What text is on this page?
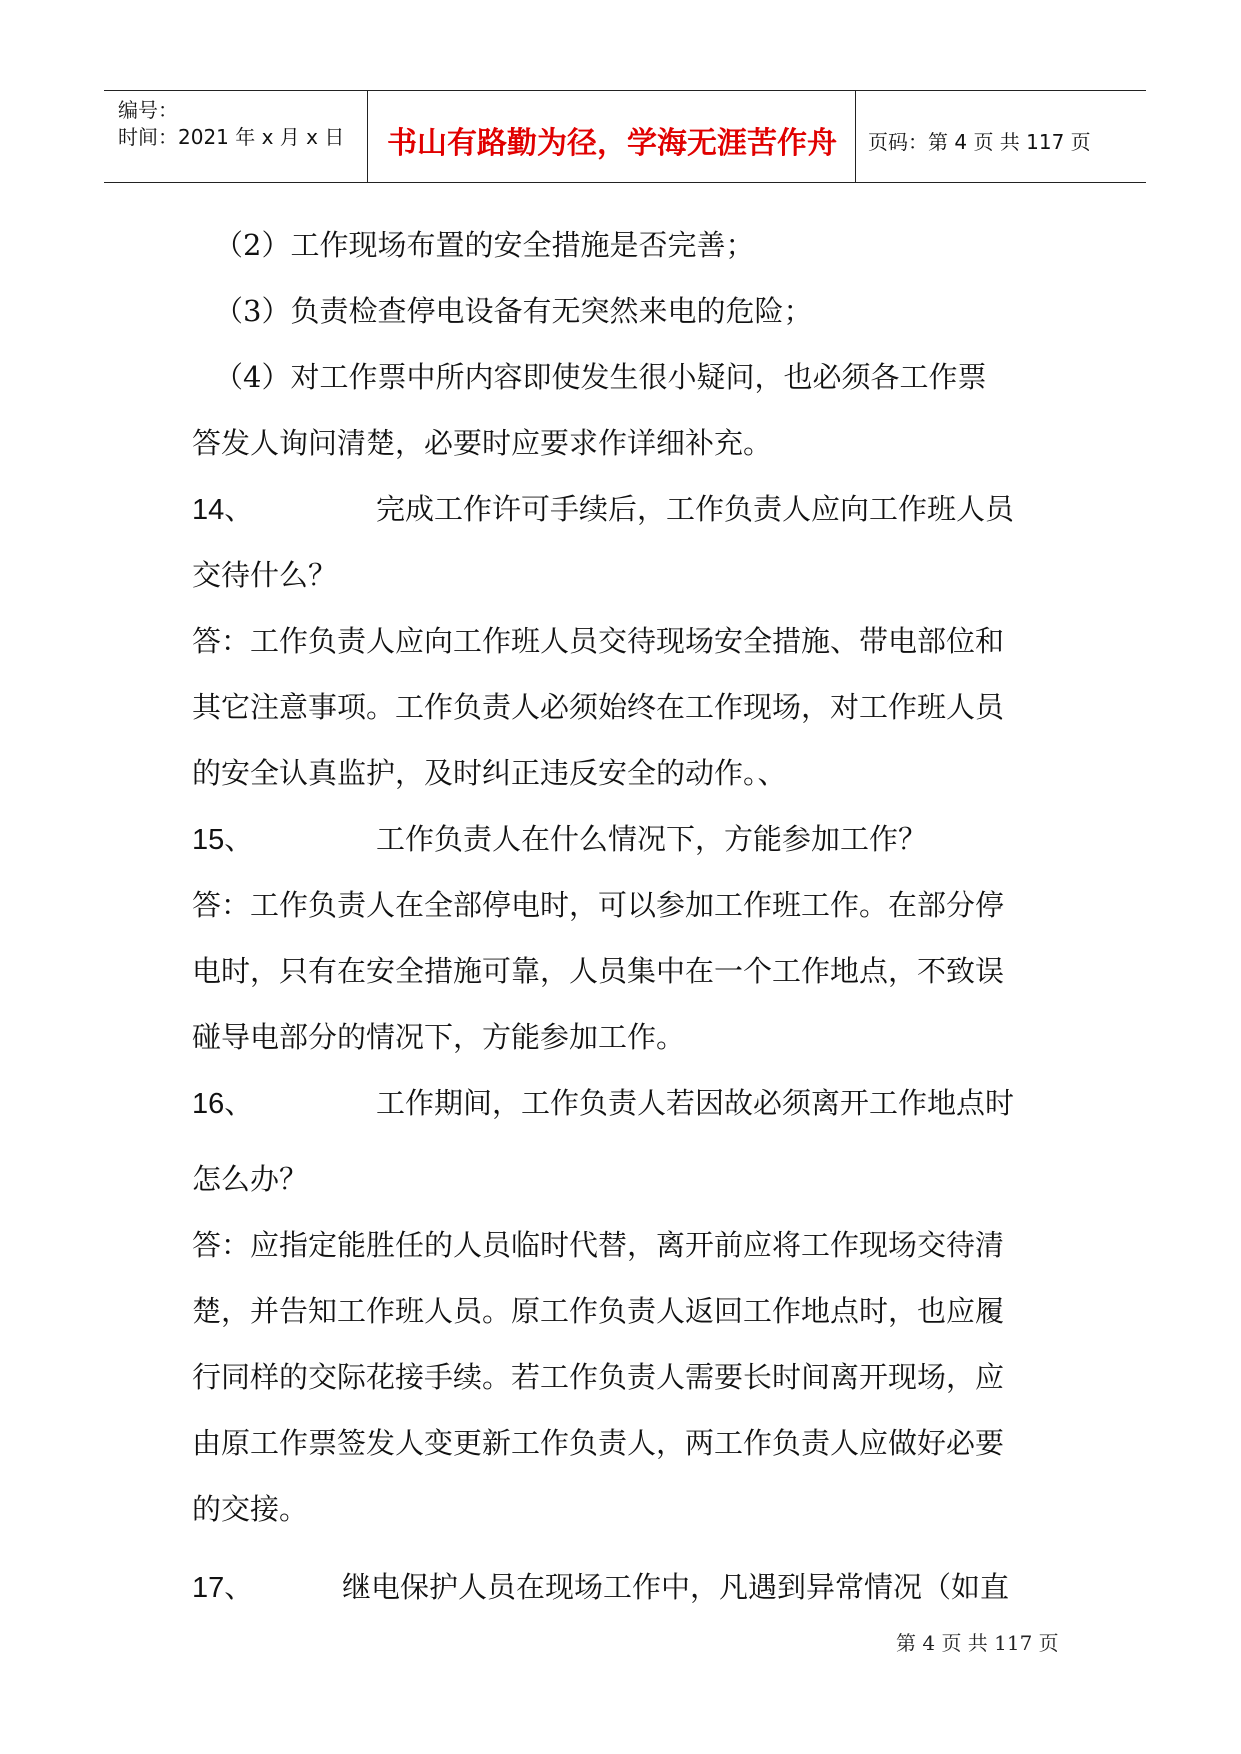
编号：
时间：2021 年 x 月 x 日	书山有路勤为径，学海无涯苦作舟	页码：第 4 页 共 117 页
（2）工作现场布置的安全措施是否完善；
（3）负责检查停电设备有无突然来电的危险；
（4）对工作票中所内容即使发生很小疑问，也必须各工作票
答发人询问清楚，必要时应要求作详细补充。
14、	完成工作许可手续后，工作负责人应向工作班人员
交待什么？
答：工作负责人应向工作班人员交待现场安全措施、带电部位和
其它注意事项。工作负责人必须始终在工作现场，对工作班人员
的安全认真监护，及时纠正违反安全的动作。、
15、	工作负责人在什么情况下，方能参加工作？
答：工作负责人在全部停电时，可以参加工作班工作。在部分停
电时，只有在安全措施可靠，人员集中在一个工作地点，不致误
碰导电部分的情况下，方能参加工作。
16、	工作期间，工作负责人若因故必须离开工作地点时
怎么办？
答：应指定能胜任的人员临时代替，离开前应将工作现场交待清
楚，并告知工作班人员。原工作负责人返回工作地点时，也应履
行同样的交际花接手续。若工作负责人需要长时间离开现场，应
由原工作票签发人变更新工作负责人，两工作负责人应做好必要
的交接。
17、	继电保护人员在现场工作中，凡遇到异常情况（如直
第 4 页 共 117 页
